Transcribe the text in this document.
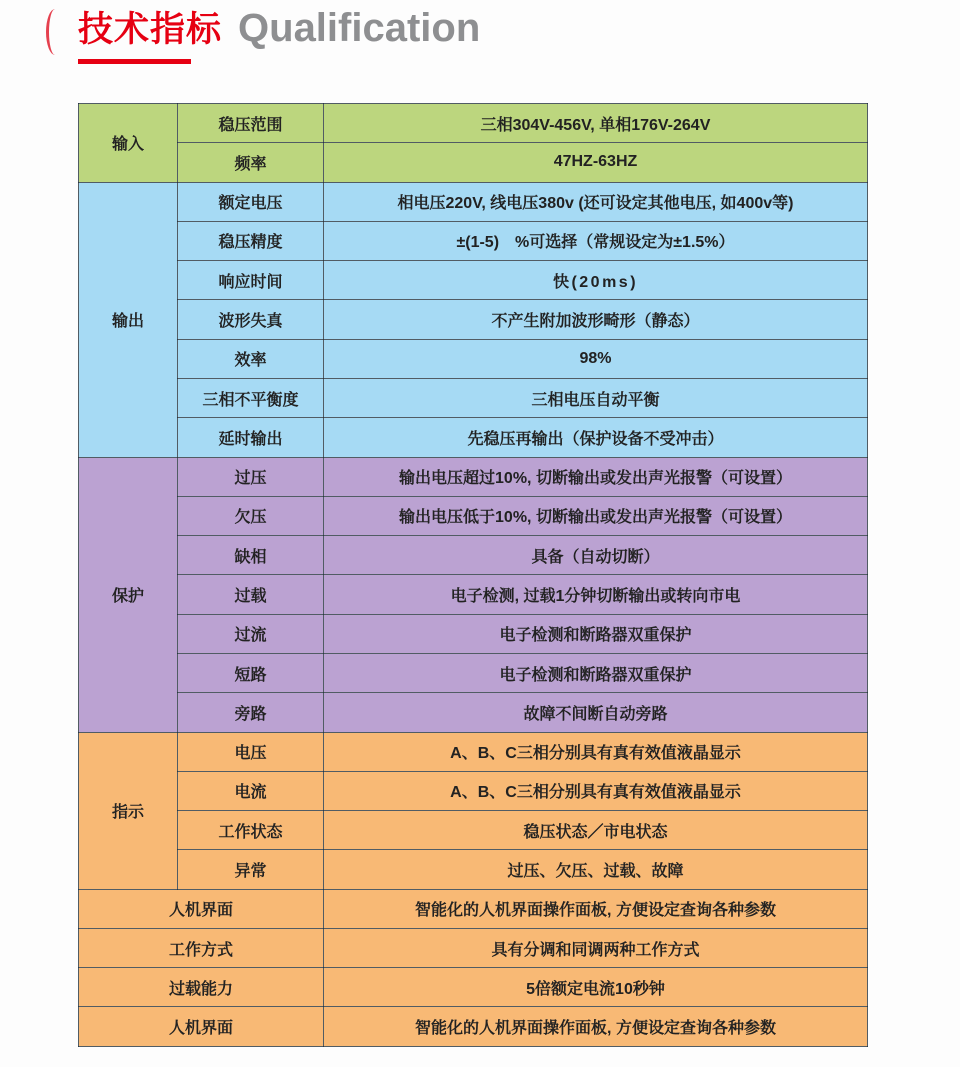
技术指标 Qualification
输入	稳压范围	三相304V-456V, 单相176V-264V
	频率	47HZ-63HZ
输出	额定电压	相电压220V, 线电压380v (还可设定其他电压, 如400v等)
	稳压精度	±(1-5)　%可选择（常规设定为±1.5%）
	响应时间	快(20ms)
	波形失真	不产生附加波形畸形（静态）
	效率	98%
	三相不平衡度	三相电压自动平衡
	延时输出	先稳压再输出（保护设备不受冲击）
保护	过压	输出电压超过10%, 切断输出或发出声光报警（可设置）
	欠压	输出电压低于10%, 切断输出或发出声光报警（可设置）
	缺相	具备（自动切断）
	过载	电子检测, 过载1分钟切断输出或转向市电
	过流	电子检测和断路器双重保护
	短路	电子检测和断路器双重保护
	旁路	故障不间断自动旁路
指示	电压	A、B、C三相分别具有真有效值液晶显示
	电流	A、B、C三相分别具有真有效值液晶显示
	工作状态	稳压状态／市电状态
	异常	过压、欠压、过载、故障
人机界面		智能化的人机界面操作面板, 方便设定查询各种参数
工作方式		具有分调和同调两种工作方式
过载能力		5倍额定电流10秒钟
人机界面		智能化的人机界面操作面板, 方便设定查询各种参数
